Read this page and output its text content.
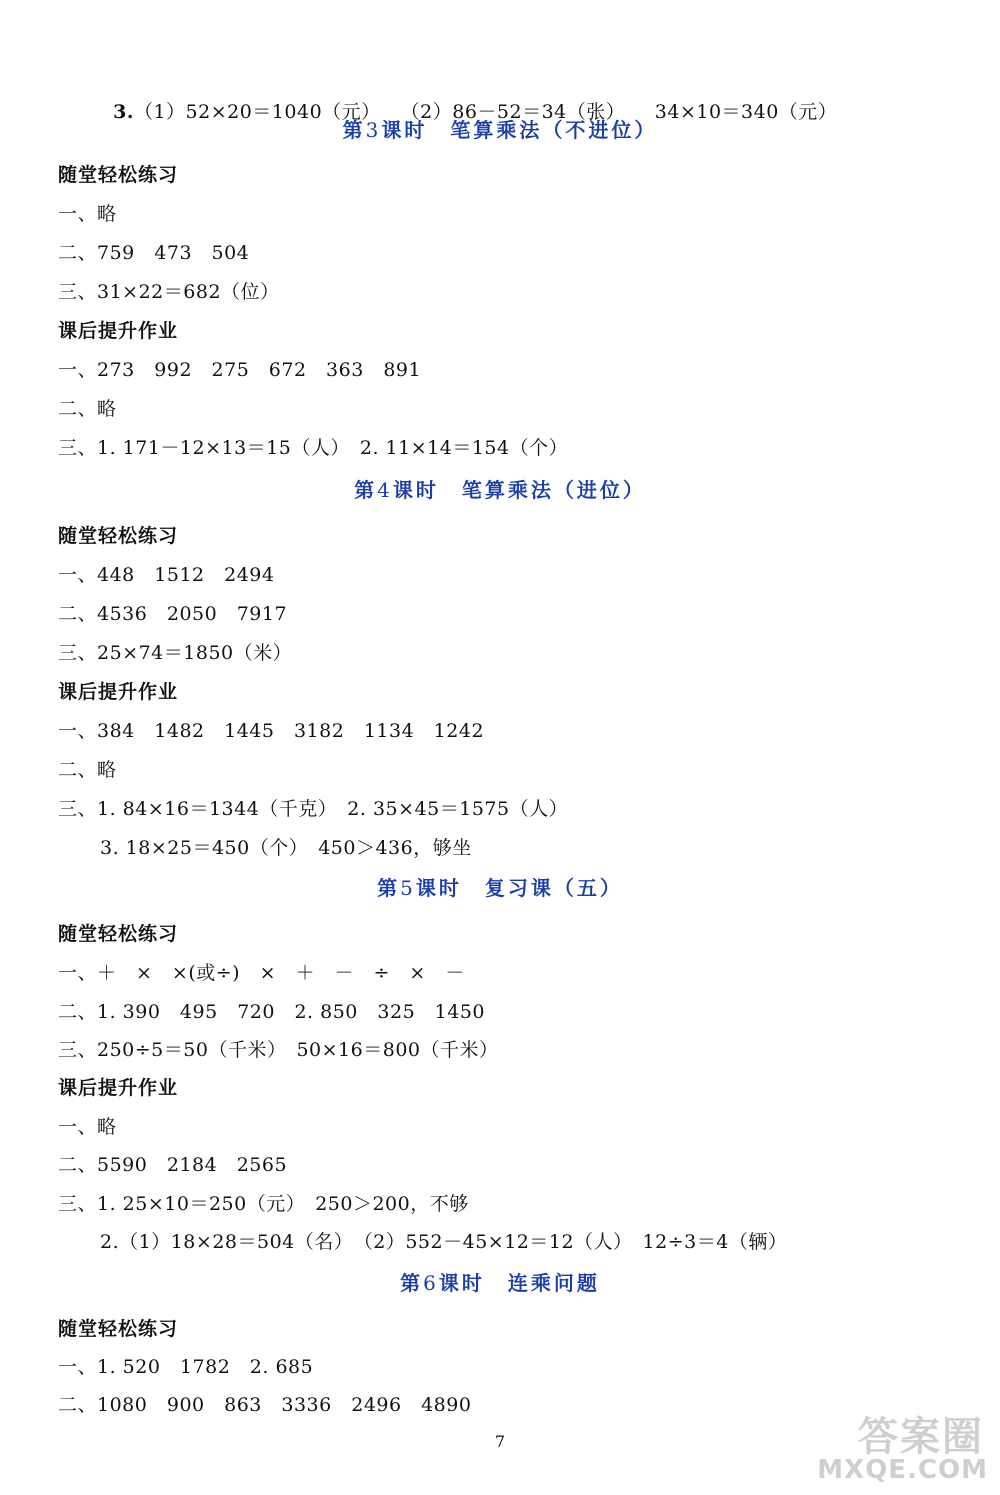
3.（1）52×20＝1040（元）　　（2）86－52＝34（张）　　34×10＝340（元）

第3课时　笔算乘法（不进位）
随堂轻松练习
一、略
二、759　473　504
三、31×22＝682（位）
课后提升作业
一、273　992　275　672　363　891
二、略
三、1. 171－12×13＝15（人）　2. 11×14＝154（个）
第4课时　笔算乘法（进位）
随堂轻松练习
一、448　1512　2494
二、4536　2050　7917
三、25×74＝1850（米）
课后提升作业
一、384　1482　1445　3182　1134　1242
二、略
三、1. 84×16＝1344（千克）　2. 35×45＝1575（人）
3. 18×25＝450（个）　450＞436，够坐
第5课时　复习课（五）
随堂轻松练习
一、＋　×　×(或÷)　×　＋　－　÷　×　－
二、1. 390　495　720　2. 850　325　1450
三、250÷5＝50（千米）　50×16＝800（千米）
课后提升作业
一、略
二、5590　2184　2565
三、1. 25×10＝250（元）　250＞200，不够
2.（1）18×28＝504（名）　（2）552－45×12＝12（人）　12÷3＝4（辆）
第6课时　连乘问题
随堂轻松练习
一、1. 520　1782　2. 685
二、1080　900　863　3336　2496　4890
7	答案圈
MXQE.COM
